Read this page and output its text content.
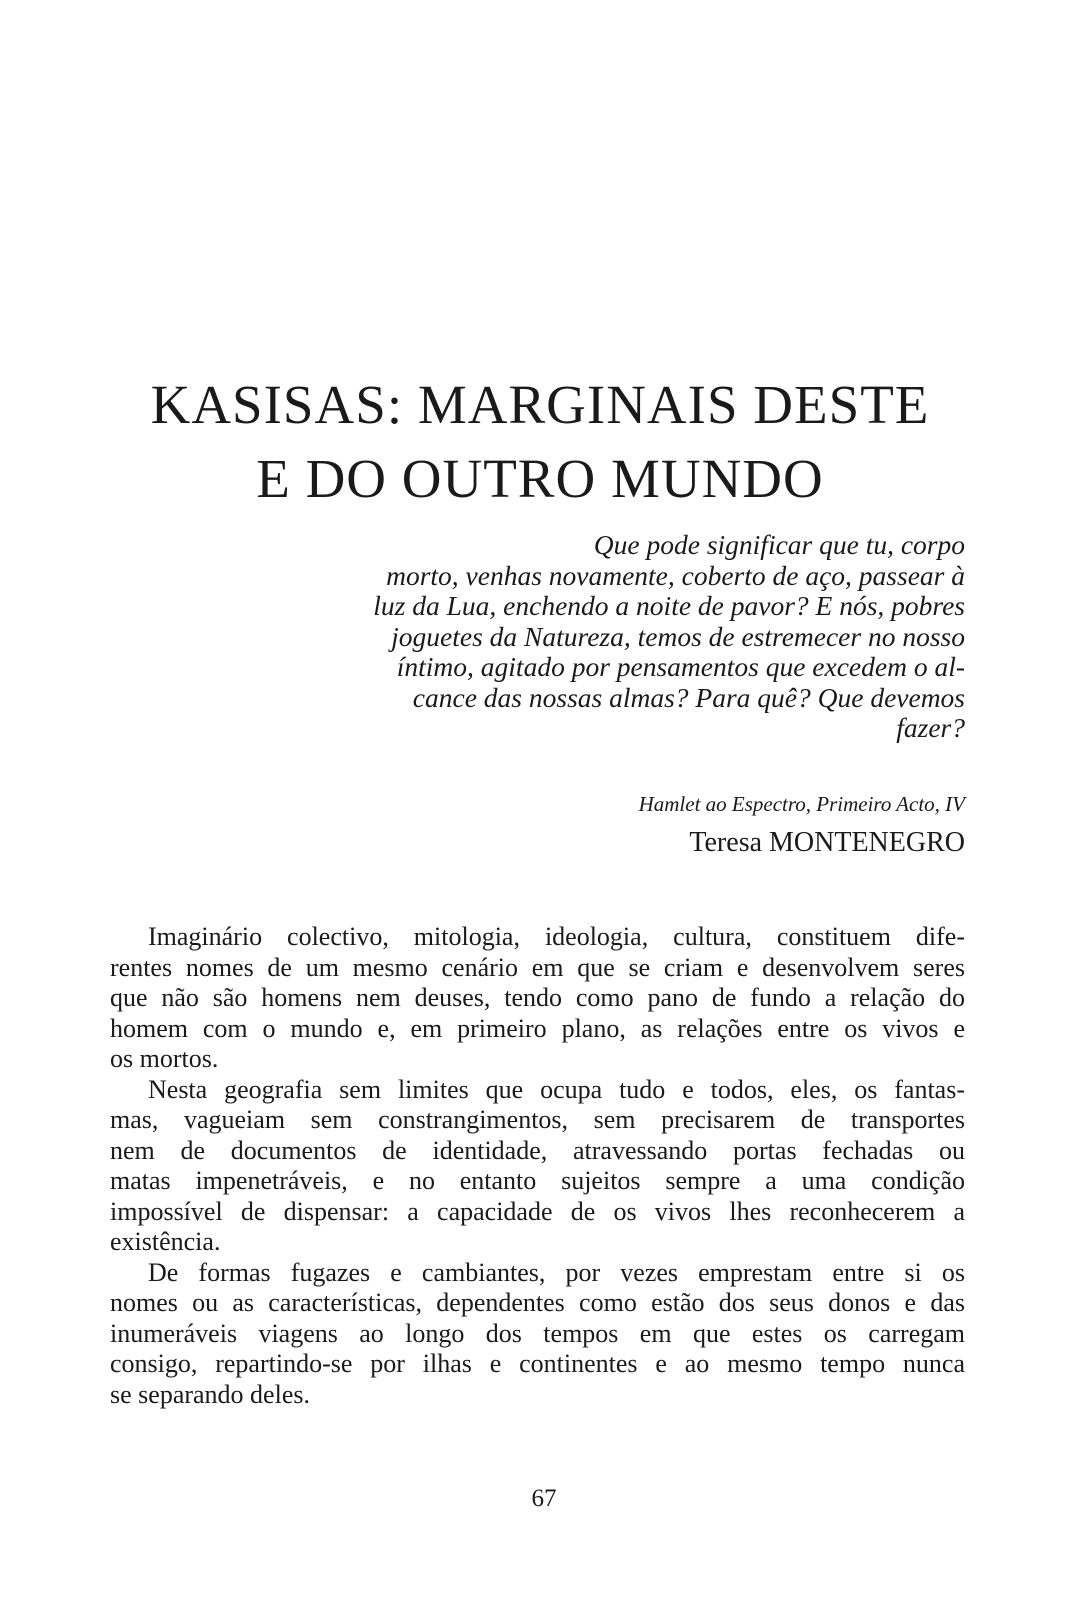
KASISAS: MARGINAIS DESTE
E DO OUTRO MUNDO
Que pode significar que tu, corpo
morto, venhas novamente, coberto de aço, passear à
luz da Lua, enchendo a noite de pavor? E nós, pobres
joguetes da Natureza, temos de estremecer no nosso
íntimo, agitado por pensamentos que excedem o al-
cance das nossas almas? Para quê? Que devemos
fazer?

Hamlet ao Espectro, Primeiro Acto, IV

Teresa MONTENEGRO

Imaginário colectivo, mitologia, ideologia, cultura, constituem dife-
rentes nomes de um mesmo cenário em que se criam e desenvolvem seres
que não são homens nem deuses, tendo como pano de fundo a relação do
homem com o mundo e, em primeiro plano, as relações entre os vivos e
os mortos.

Nesta geografia sem limites que ocupa tudo e todos, eles, os fantas-
mas, vagueiam sem constrangimentos, sem precisarem de transportes
nem de documentos de identidade, atravessando portas fechadas ou
matas impenetráveis, e no entanto sujeitos sempre a uma condição
impossível de dispensar: a capacidade de os vivos lhes reconhecerem a
existência.

De formas fugazes e cambiantes, por vezes emprestam entre si os
nomes ou as características, dependentes como estão dos seus donos e das
inumeráveis viagens ao longo dos tempos em que estes os carregam
consigo, repartindo-se por ilhas e continentes e ao mesmo tempo nunca
se separando deles.

67
